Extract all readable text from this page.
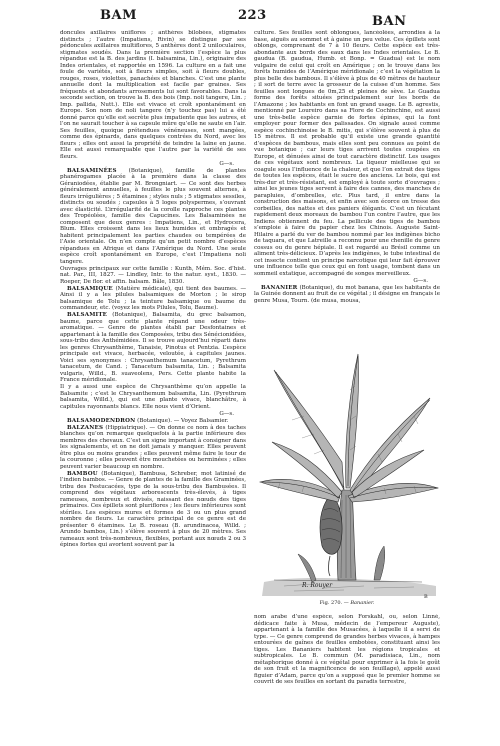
BAM	223	BAN

doncules axillaires uniflores ; anthères bilobées, stigmates distincts ; l’autre (Impatiens, Rivin) se distingue par ses pédoncules axillaires multiflores, 5 anthères dont 2 uniloculaires, stigmates soudés. Dans la première section l’espèce la plus répandue est la B. des jardins (I. balsamina, Lin.), originaire des Indes orientales, et rapportée en 1596. La culture en a fait une foule de variétés, soit à fleurs simples, soit à fleurs doubles, rouges, roses, violettes, panachées et blanches. C’est une plante annuelle dont la multiplication est facile par graines. Ses fréquents et abondants arrosements lui sont favorables. Dans la seconde section, on trouve la B. des bois (Imp. noli tangere, Lin. ; Imp. pallida, Nutt.). Elle est vivace et croît spontanément en Europe. Son nom de noli tangere (n’y touchez pas) lui a été donné parce qu’elle est secrète plus impatiente que les autres, et l’on ne saurait toucher à sa capsule mûre qu’elle ne saute en l’air. Ses feuilles, quoique prétendues vénéneuses, sont mangées, comme des épinards, dans quelques contrées du Nord, avec les fleurs ; elles ont aussi la propriété de teindre la laine en jaune. Elle est aussi remarquable que l’autre par la variété de ses fleurs.

G—s.

BALSAMINÉES (Botanique), famille de plantes phanérogames placée à la première dans la classe des Géraniodées, établie par M. Brongniart. — Ce sont des herbes généralement annuelles, à feuilles le plus souvent alternes, à fleurs irrégulières ; 5 étamines ; styles nuls ; 5 stigmates sessiles, distincts ou soudés ; capsules à 5 loges polyspermes, s’ouvrant avec élasticité. L’irrégularité de la corolle rapproche ces plantes des Tropéolées, famille des Capucines. Les Balsaminées ne composent que deux genres : Impatiens, Lin., et Hydrocera, Blum. Elles croissent dans les lieux humides et ombragés et habitent principalement les parties chaudes ou tempérées de l’Asie orientale. On n’en compte qu’un petit nombre d’espèces répandues en Afrique et dans l’Amérique du Nord. Une seule espèce croît spontanément en Europe, c’est l’Impatiens noli tangere.

Ouvrages principaux sur cette famille : Kunth, Mém. Soc. d’hist. nat. Par., III, 1827. — Lindley, Intr. to the natur. syst., 1830. — Roeper, De flor. et affin. balsam. Bâle, 1830.

BALSAMIQUE (Matière médicale), qui tient des baumes. — Ainsi il y a les pilules balsamiques de Morton ; le sirop balsamique de Tolu ; la teinture balsamique ou baume du commandeur, etc. (voyez les mots Pilules, Tolu, Baume).

BALSAMITE (Botanique), Balsamita, du grec balsamon, baume, parce que cette plante répand une odeur très-aromatique. — Genre de plantes établi par Desfontaines et appartenant à la famille des Composées, tribu des Sénécionidées, sous-tribu des Anthémidées. Il se trouve aujourd’hui réparti dans les genres Chrysanthème, Tanaisie, Pinotus et Pentzia. L’espèce principale est vivace, herbacée, veloutée, à capitules jaunes. Voici ses synonymes : Chrysanthemum tanacetum, Pyrethrum tanacetum, de Cand. ; Tanacetum balsamita, Lin. ; Balsamita vulgaris, Willd., B. suaveolens, Pers. Cette plante habite la France méridionale.

Il y a aussi une espèce de Chrysanthème qu’on appelle la Balsamite ; c’est le Chrysanthemum balsamita, Lin. (Pyrethrum balsamita, Willd.), qui est une plante vivace, blanchâtre, à capitules rayonnants blancs. Elle nous vient d’Orient.

G—s.

BALSAMODENDRON (Botanique). — Voyez Balsamier.

BALZANES (Hippiatrique). — On donne ce nom à des taches blanches qu’on remarque quelquefois à la partie inférieure des membres des chevaux. C’est un signe important à consigner dans les signalements, et on ne doit jamais y manquer. Elles peuvent être plus ou moins grandes ; elles peuvent même faire le tour de la couronne ; elles peuvent être mouchetées ou herminées ; elles peuvent varier beaucoup en nombre.

BAMBOU (Botanique), Bambusa, Schreber, mot latinisé de l’indien bambos. — Genre de plantes de la famille des Graminées, tribu des Festucacées, type de la sous-tribu des Bambusées. Il comprend des végétaux arborescents très-élevés, à tiges rameuses, nombreux et divisés, naissant des nœuds des tiges primaires. Ces épillets sont pluriflores ; les fleurs inférieures sont stériles. Les espèces mures et formes de 3 ou un plus grand nombre de fleurs. Le caractère principal de ce genre est de présenter 6 étamines. Le B. roseau (B. arundinacea, Willd. ; Arundo bambos, Lin.) s’élève souvent à plus de 20 mètres. Ses rameaux sont très-nombreux, flexibles, portant aux nœuds 2 ou 3 épines fortes qui avortent souvent par la

culture. Ses feuilles sont oblongues, lancéolées, arrondies à la base, aiguës au sommet et à gaine un peu velue. Ces épillets sont oblongs, comprenant de 7 à 10 fleurs. Cette espèce est très-abondante aux bords des eaux dans les Indes orientales. Le B. gaudua (B. gaudua, Humb. et Bonp. = Guadua) est le nom vulgaire de celui qui croît en Amérique ; on le trouve dans les forêts humides de l’Amérique méridionale ; c’est la végétation la plus belle des bambous. Il s’élève à plus de 40 mètres de hauteur ; il sort de terre avec la grosseur de la cuisse d’un homme. Ses feuilles sont longues de 0m,25 et pleines de sève. Le Guadua forme des forêts situées principalement sur les bords de l’Amazone ; les habitants en font un grand usage. Le B. agrestis, mentionné par Loureiro dans sa Flore de Cochinchine, est aussi une très-belle espèce garnie de fortes épines, qui la font employer pour former des palissades. On signale aussi comme espèce cochinchinoise le B. mitis, qui s’élève souvent à plus de 15 mètres. Il est probable qu’il existe une grande quantité d’espèces de bambous, mais elles sont peu connues au point de vue botanique ; car leurs tiges arrivent toutes coupées en Europe, et dénuées ainsi de tout caractère distinctif. Les usages de ces végétaux sont nombreux. La liqueur mielleuse qui se coagule sous l’influence de la chaleur, et que l’on extrait des tiges de toutes les espèces, était le sucre des anciens. Le bois, qui est très-dur et très-résistant, est employé à toute sorte d’ouvrages ; ainsi les jeunes tiges servent à faire des cannes, des manches de parapluies, d’ombrelles, etc. Plus tard, il entre dans la construction des maisons, et enfin avec son écorce on tresse des corbeilles, des nattes et des paniers élégants. C’est un fécutant rapidement deux moreaux de bambou l’un contre l’autre, que les Indiens obtiennent du feu. La pellicule des tiges de bambou s’emploie à faire du papier chez les Chinois. Auguste Saint-Hilaire a parlé du ver de bambou nommé par les indigènes bicho de taquara, et que Latreille a reconnu pour une chenille du genre cossus ou du genre hépiale. Il est regardé au Brésil comme un aliment très-délicieux. D’après les indigènes, le tube intestinal de cet insecte contient un principe narcotique qui leur fait éprouver une influence telle que ceux qui en font usage, tombent dans un sommeil extatique, accompagné de songes merveilleux.

G—s.

BANANIER (Botanique), du mot banana, que les habitants de la Guinée donnent au fruit de ce végétal ; il désigne en français le genre Musa, Tourn. (de musa, mousa,

R. Rouyer
B
Fig. 270. — Bananier.

nom arabe d’une espèce, selon Forskahl, ou, selon Linné, dédicace faite à Musa, médecin de l’empereur Auguste), appartenant à la famille des Musacées, à laquelle il a servi de type. — Ce genre comprend de grandes herbes vivaces, à hampes entourées de gaînes de feuilles embotées, constituant ainsi les tiges. Les Bananiers habitent les régions tropicales et subtropicales. Le B. commun (M. paradisiaca, Lin., nom métaphorique donné à ce végétal pour exprimer à la fois le goût de son fruit et la magnificence de son feuillage), appelé aussi figuier d’Adam, parce qu’on a supposé que le premier homme se couvrit de ses feuilles en sortant du paradis terrestre,
